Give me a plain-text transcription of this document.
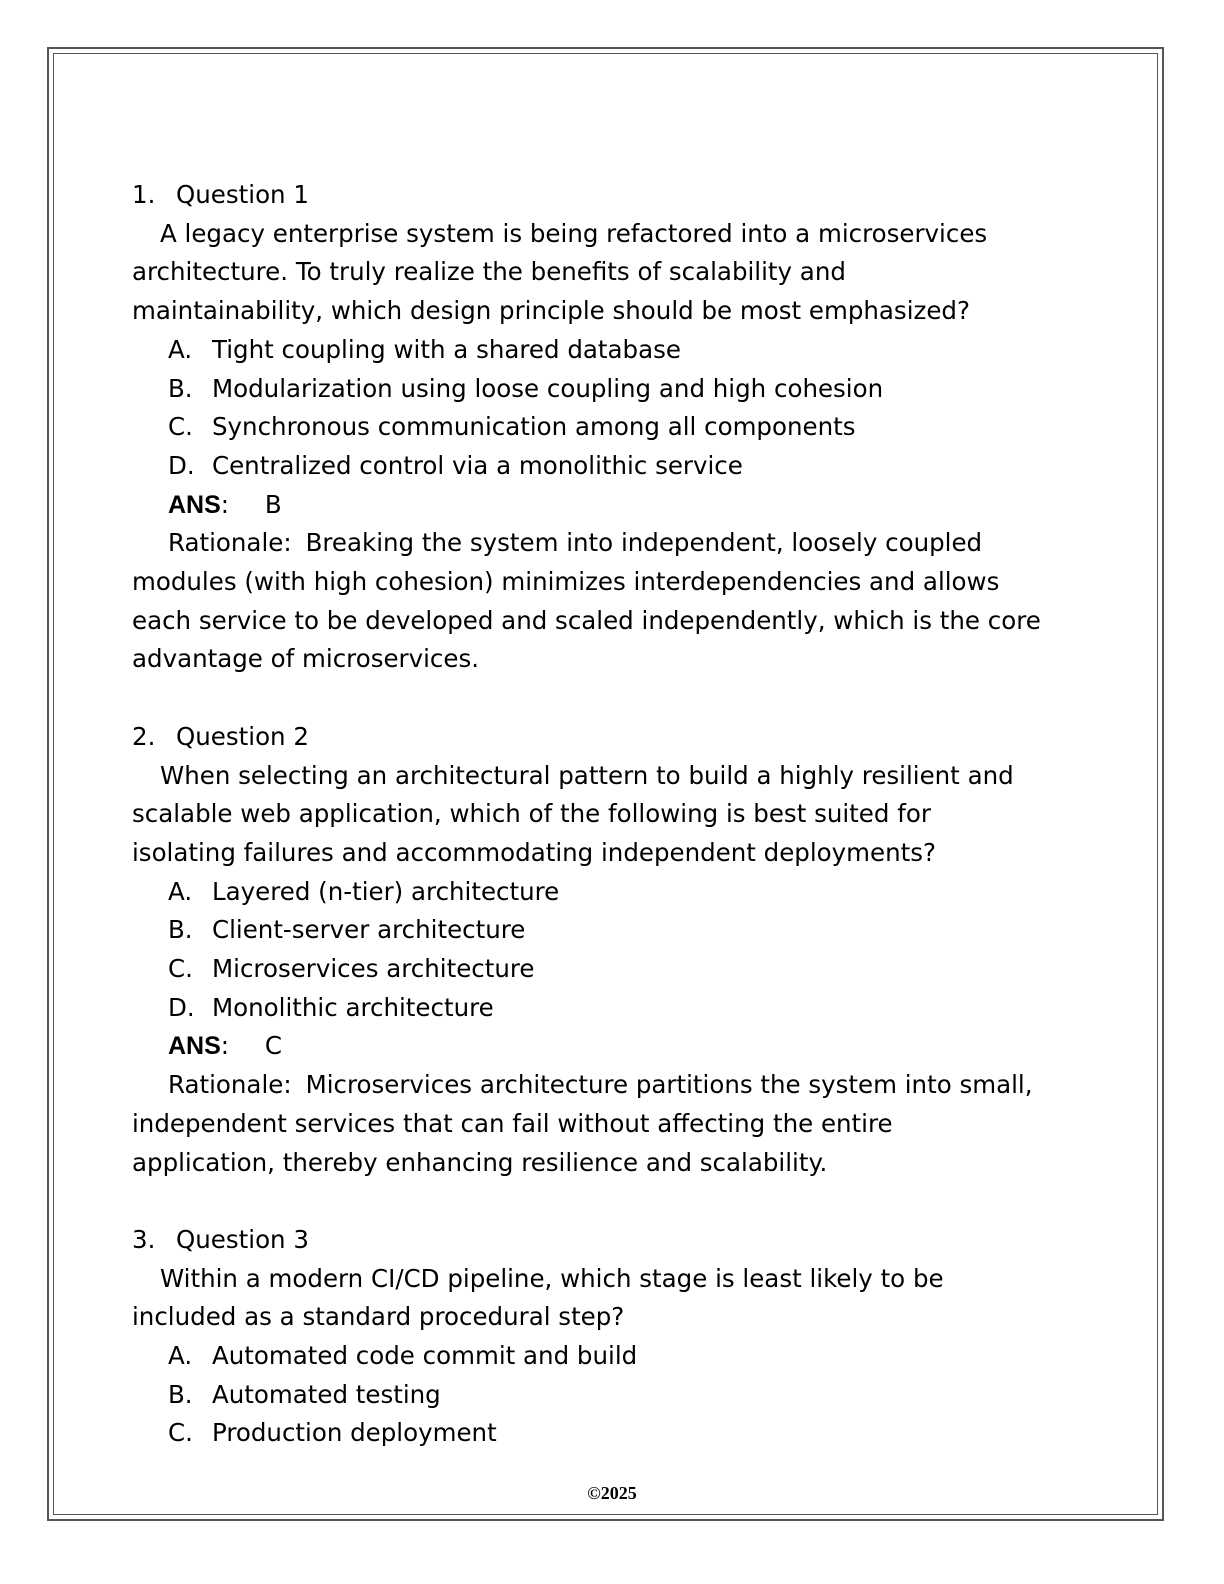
1. Question 1
A legacy enterprise system is being refactored into a microservices
architecture. To truly realize the benefits of scalability and
maintainability, which design principle should be most emphasized?
A. Tight coupling with a shared database
B. Modularization using loose coupling and high cohesion
C. Synchronous communication among all components
D. Centralized control via a monolithic service
ANS: B
Rationale: Breaking the system into independent, loosely coupled
modules (with high cohesion) minimizes interdependencies and allows
each service to be developed and scaled independently, which is the core
advantage of microservices.
2. Question 2
When selecting an architectural pattern to build a highly resilient and
scalable web application, which of the following is best suited for
isolating failures and accommodating independent deployments?
A. Layered (n-tier) architecture
B. Client-server architecture
C. Microservices architecture
D. Monolithic architecture
ANS: C
Rationale: Microservices architecture partitions the system into small,
independent services that can fail without affecting the entire
application, thereby enhancing resilience and scalability.
3. Question 3
Within a modern CI/CD pipeline, which stage is least likely to be
included as a standard procedural step?
A. Automated code commit and build
B. Automated testing
C. Production deployment
©2025
